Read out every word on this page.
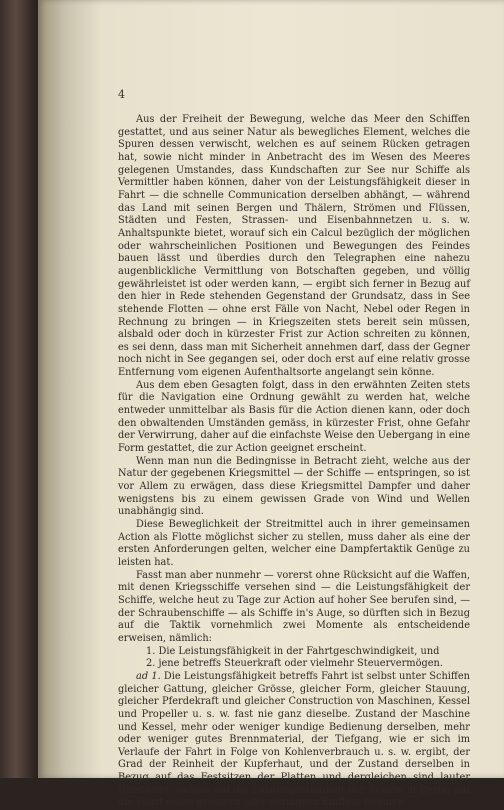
4

Aus der Freiheit der Bewegung, welche das Meer den Schiffen gestattet, und aus seiner Natur als bewegliches Element, welches die Spuren dessen verwischt, welchen es auf seinem Rücken getragen hat, sowie nicht minder in Anbetracht des im Wesen des Meeres gelegenen Umstandes, dass Kundschaften zur See nur Schiffe als Vermittler haben können, daher von der Leistungsfähigkeit dieser in Fahrt — die schnelle Communication derselben abhängt, — während das Land mit seinen Bergen und Thälern, Strömen und Flüssen, Städten und Festen, Strassen- und Eisenbahnnetzen u. s. w. Anhaltspunkte bietet, worauf sich ein Calcul bezüglich der möglichen oder wahrscheinlichen Positionen und Bewegungen des Feindes bauen lässt und überdies durch den Telegraphen eine nahezu augenblickliche Vermittlung von Botschaften gegeben, und völlig gewährleistet ist oder werden kann, — ergibt sich ferner in Bezug auf den hier in Rede stehenden Gegenstand der Grundsatz, dass in See stehende Flotten — ohne erst Fälle von Nacht, Nebel oder Regen in Rechnung zu bringen — in Kriegszeiten stets bereit sein müssen, alsbald oder doch in kürzester Frist zur Action schreiten zu können, es sei denn, dass man mit Sicherheit annehmen darf, dass der Gegner noch nicht in See gegangen sei, oder doch erst auf eine relativ grosse Entfernung vom eigenen Aufenthaltsorte angelangt sein könne.

Aus dem eben Gesagten folgt, dass in den erwähnten Zeiten stets für die Navigation eine Ordnung gewählt zu werden hat, welche entweder unmittelbar als Basis für die Action dienen kann, oder doch den obwaltenden Umständen gemäss, in kürzester Frist, ohne Gefahr der Verwirrung, daher auf die einfachste Weise den Uebergang in eine Form gestattet, die zur Action geeignet erscheint.

Wenn man nun die Bedingnisse in Betracht zieht, welche aus der Natur der gegebenen Kriegsmittel — der Schiffe — entspringen, so ist vor Allem zu erwägen, dass diese Kriegsmittel Dampfer und daher wenigstens bis zu einem gewissen Grade von Wind und Wellen unabhängig sind.

Diese Beweglichkeit der Streitmittel auch in ihrer gemeinsamen Action als Flotte möglichst sicher zu stellen, muss daher als eine der ersten Anforderungen gelten, welcher eine Dampfertaktik Genüge zu leisten hat.

Fasst man aber nunmehr — vorerst ohne Rücksicht auf die Waffen, mit denen Kriegsschiffe versehen sind — die Leistungsfähigkeit der Schiffe, welche heut zu Tage zur Action auf hoher See berufen sind, — der Schraubenschiffe — als Schiffe in's Auge, so dürften sich in Bezug auf die Taktik vornehmlich zwei Momente als entscheidende erweisen, nämlich:

1. Die Leistungsfähigkeit in der Fahrtgeschwindigkeit, und

2. jene betreffs Steuerkraft oder vielmehr Steuervermögen.

ad 1. Die Leistungsfähigkeit betreffs Fahrt ist selbst unter Schiffen gleicher Gattung, gleicher Grösse, gleicher Form, gleicher Stauung, gleicher Pferdekraft und gleicher Construction von Maschinen, Kessel und Propeller u. s. w. fast nie ganz dieselbe. Zustand der Maschine und Kessel, mehr oder weniger kundige Bedienung derselben, mehr oder weniger gutes Brennmaterial, der Tiefgang, wie er sich im Verlaufe der Fahrt in Folge von Kohlenverbrauch u. s. w. ergibt, der Grad der Reinheit der Kupferhaut, und der Zustand derselben in Bezug auf das Festsitzen der Platten und dergleichen sind lauter Umstände, welche auf die Leistungsfähigkeit der Schiffe in Bezug auf die Fahrt einen grössern oder geringern Einfluss nehmen.
